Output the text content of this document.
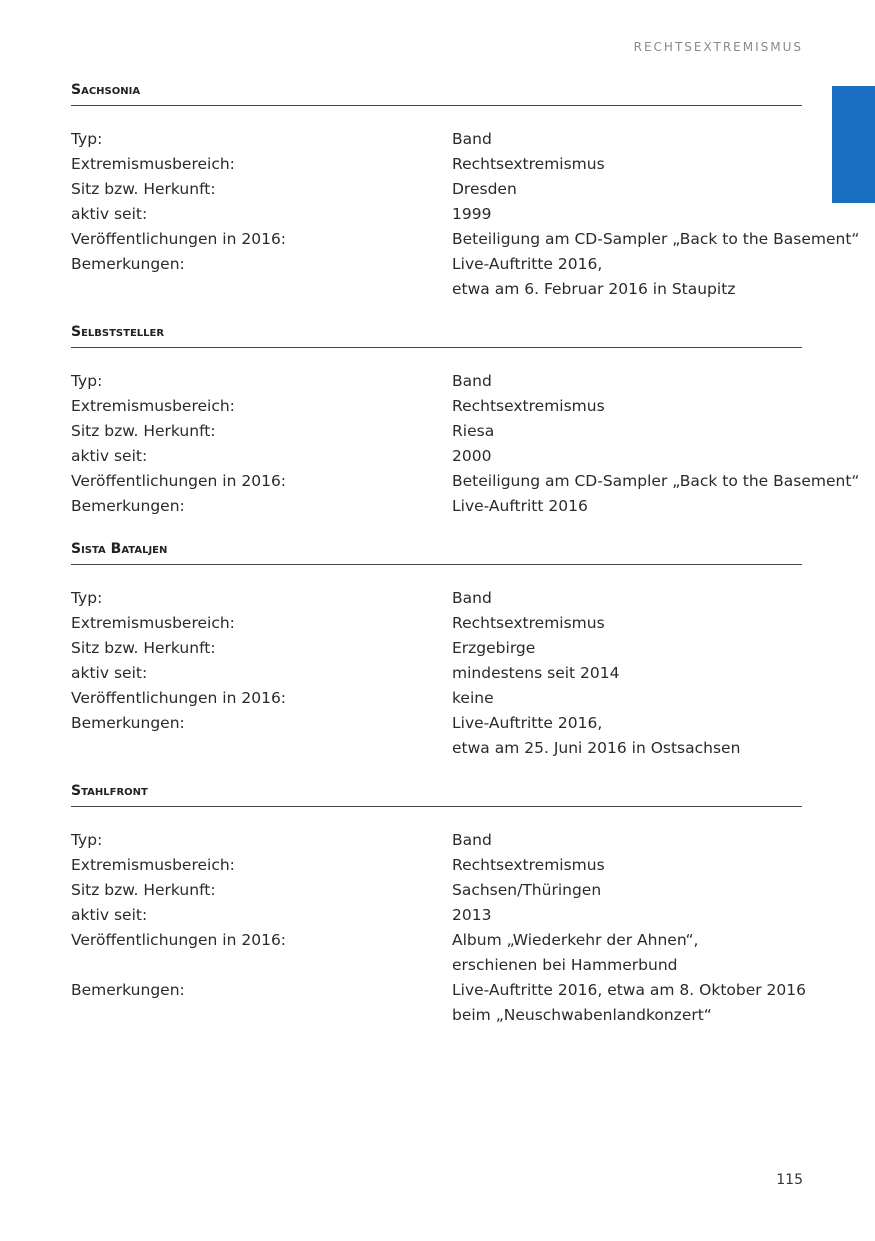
RECHTSEXTREMISMUS
Sachsonia
Typ:	Band
Extremismusbereich:	Rechtsextremismus
Sitz bzw. Herkunft:	Dresden
aktiv seit:	1999
Veröffentlichungen in 2016:	Beteiligung am CD-Sampler „Back to the Basement“
Bemerkungen:	Live-Auftritte 2016,
etwa am 6. Februar 2016 in Staupitz
Selbststeller
Typ:	Band
Extremismusbereich:	Rechtsextremismus
Sitz bzw. Herkunft:	Riesa
aktiv seit:	2000
Veröffentlichungen in 2016:	Beteiligung am CD-Sampler „Back to the Basement“
Bemerkungen:	Live-Auftritt 2016
Sista Bataljen
Typ:	Band
Extremismusbereich:	Rechtsextremismus
Sitz bzw. Herkunft:	Erzgebirge
aktiv seit:	mindestens seit 2014
Veröffentlichungen in 2016:	keine
Bemerkungen:	Live-Auftritte 2016,
etwa am 25. Juni 2016 in Ostsachsen
Stahlfront
Typ:	Band
Extremismusbereich:	Rechtsextremismus
Sitz bzw. Herkunft:	Sachsen/Thüringen
aktiv seit:	2013
Veröffentlichungen in 2016:	Album „Wiederkehr der Ahnen“,
erschienen bei Hammerbund
Bemerkungen:	Live-Auftritte 2016, etwa am 8. Oktober 2016
beim „Neuschwabenlandkonzert“
115
